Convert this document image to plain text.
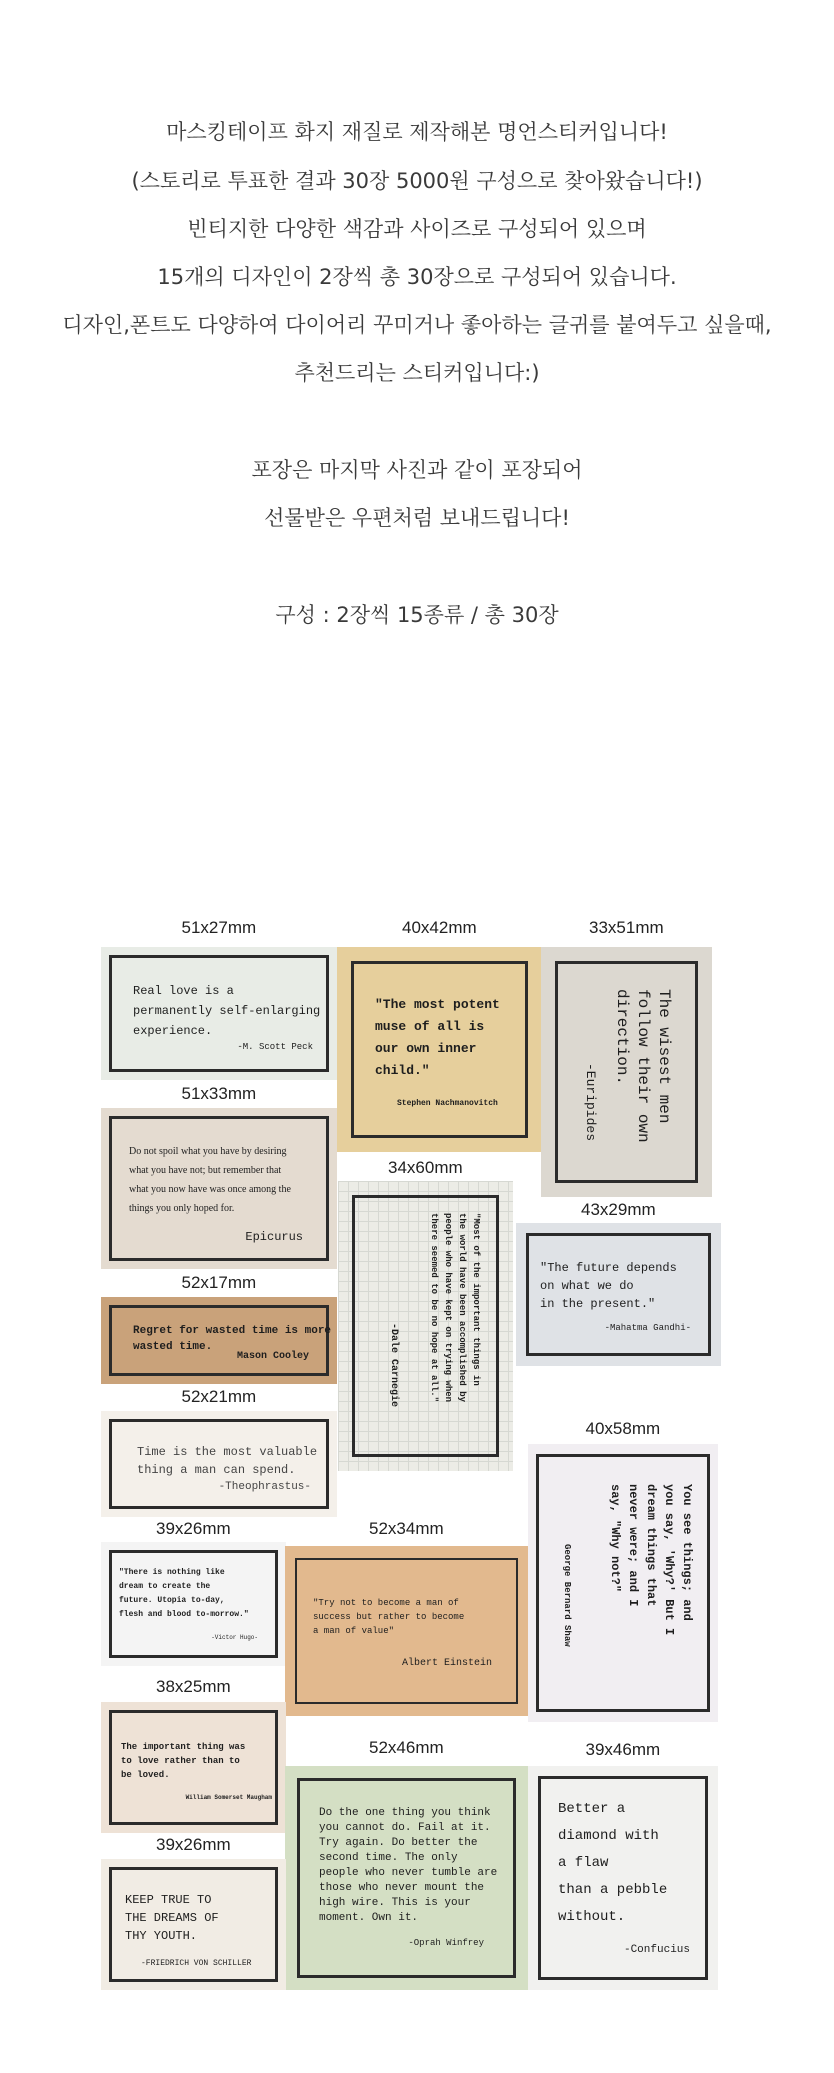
마스킹테이프 화지 재질로 제작해본 명언스티커입니다!
(스토리로 투표한 결과 30장 5000원 구성으로 찾아왔습니다!)
빈티지한 다양한 색감과 사이즈로 구성되어 있으며
15개의 디자인이 2장씩 총 30장으로 구성되어 있습니다.
디자인,폰트도 다양하여 다이어리 꾸미거나 좋아하는 글귀를 붙여두고 싶을때,
추천드리는 스티커입니다:)
포장은 마지막 사진과 같이 포장되어
선물받은 우편처럼 보내드립니다!
구성 : 2장씩 15종류 / 총 30장
51x27mm
Real love is a
permanently self-enlarging
experience.
-M. Scott Peck
40x42mm
"The most potent
muse of all is
our own inner
child."
Stephen Nachmanovitch
33x51mm
The wisest men
follow their own
direction.
-Euripides
51x33mm
Do not spoil what you have by desiring
what you have not; but remember that
what you now have was once among the
things you only hoped for.
Epicurus
34x60mm
"Most of the important things in
the world have been accomplished by
people who have kept on trying when
there seemed to be no hope at all."
-Dale Carnegie
43x29mm
"The future depends
on what we do
in the present."
-Mahatma Gandhi-
52x17mm
Regret for wasted time is more
wasted time.
Mason Cooley
52x21mm
Time is the most valuable
thing a man can spend.
-Theophrastus-
40x58mm
You see things; and
you say, 'Why?' But I
dream things that
never were; and I
say, "Why not?"
George Bernard Shaw
39x26mm
"There is nothing like
dream to create the
future. Utopia to-day,
flesh and blood to-morrow."
-Victor Hugo-
52x34mm
"Try not to become a man of
success but rather to become
a man of value"
Albert Einstein
38x25mm
The important thing was
to love rather than to
be loved.
William Somerset Maugham
52x46mm
Do the one thing you think
you cannot do. Fail at it.
Try again. Do better the
second time. The only
people who never tumble are
those who never mount the
high wire. This is your
moment. Own it.
-Oprah Winfrey
39x46mm
Better a
diamond with
a flaw
than a pebble
without.
-Confucius
39x26mm
KEEP TRUE TO
THE DREAMS OF
THY YOUTH.
-FRIEDRICH VON SCHILLER
